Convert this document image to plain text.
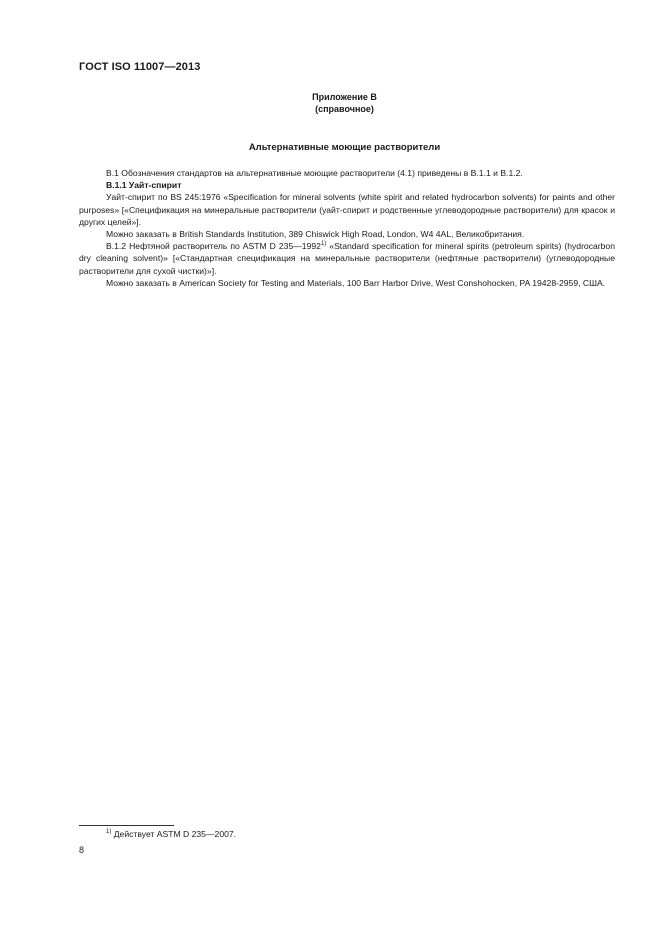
ГОСТ ISO 11007—2013
Приложение В
(справочное)
Альтернативные моющие растворители

В.1 Обозначения стандартов на альтернативные моющие растворители (4.1) приведены в В.1.1 и В.1.2.

В.1.1 Уайт-спирит

Уайт-спирит по BS 245:1976 «Specification for mineral solvents (white spirit and related hydrocarbon solvents) for paints and other purposes» [«Спецификация на минеральные растворители (уайт-спирит и родственные углеводородные растворители) для красок и других целей»].

Можно заказать в British Standards Institution, 389 Chiswick High Road, London, W4 4AL, Великобритания.

В.1.2 Нефтяной растворитель по ASTM D 235—1992$^{1)}$ «Standard specification for mineral spirits (petroleum spirits) (hydrocarbon dry cleaning solvent)» [«Стандартная спецификация на минеральные растворители (нефтяные растворители) (углеводородные растворители для сухой чистки)»].

Можно заказать в American Society for Testing and Materials, 100 Barr Harbor Drive, West Conshohocken, PA 19428-2959, США.

$^{1)}$ Действует ASTM D 235—2007.
8
